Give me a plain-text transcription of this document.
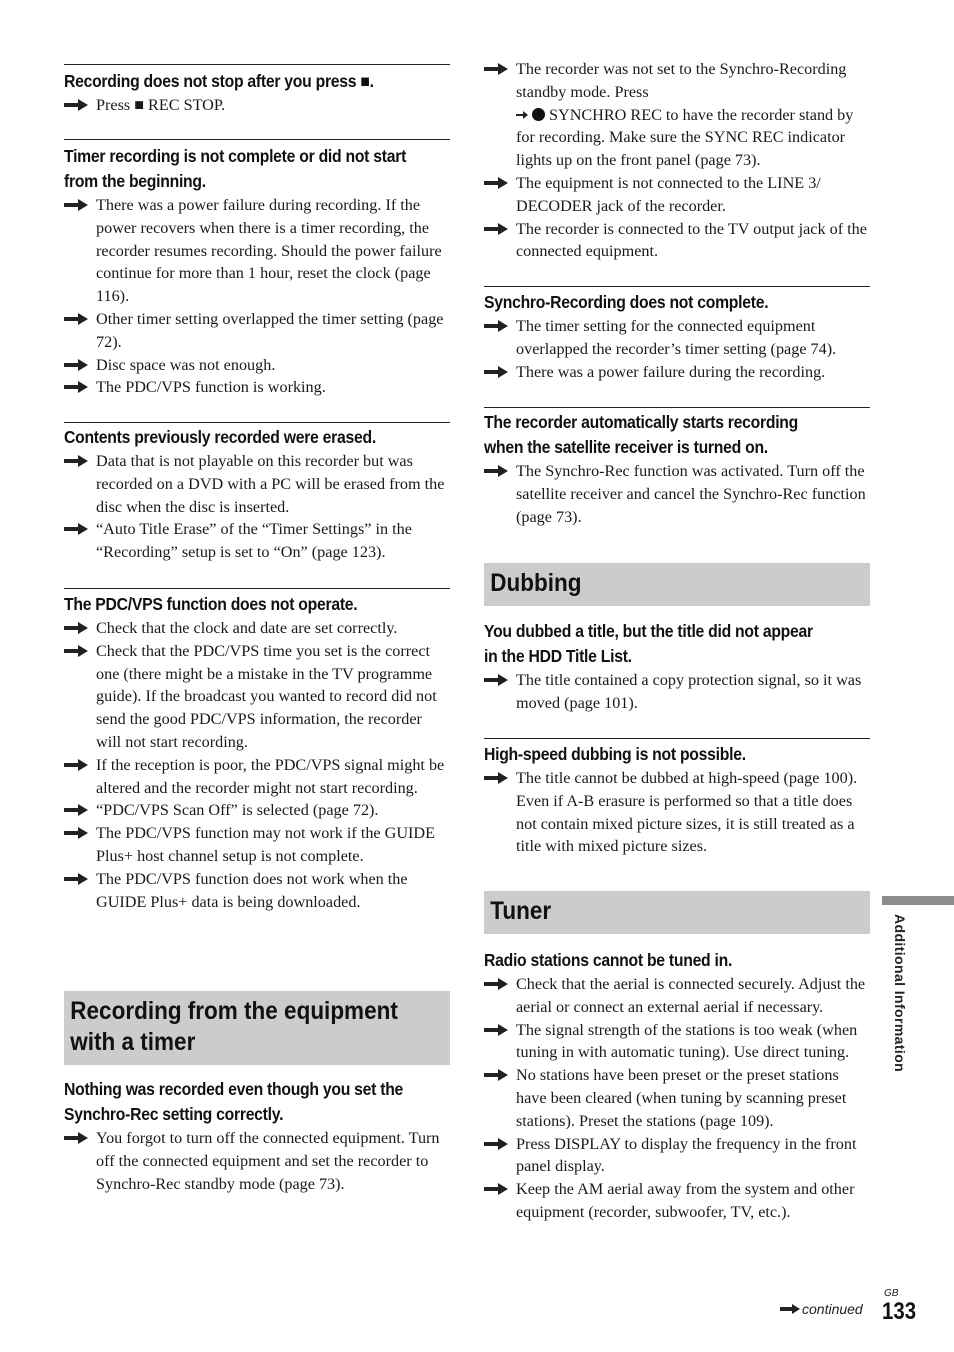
Recording does not stop after you press ■.
Press ■ REC STOP.
Timer recording is not complete or did not start
from the beginning.
There was a power failure during recording. If the power recovers when there is a timer recording, the recorder resumes recording. Should the power failure continue for more than 1 hour, reset the clock (page 116).
Other timer setting overlapped the timer setting (page 72).
Disc space was not enough.
The PDC/VPS function is working.
Contents previously recorded were erased.
Data that is not playable on this recorder but was recorded on a DVD with a PC will be erased from the disc when the disc is inserted.
“Auto Title Erase” of the “Timer Settings” in the “Recording” setup is set to “On” (page 123).
The PDC/VPS function does not operate.
Check that the clock and date are set correctly.
Check that the PDC/VPS time you set is the correct one (there might be a mistake in the TV programme guide). If the broadcast you wanted to record did not send the good PDC/VPS information, the recorder will not start recording.
If the reception is poor, the PDC/VPS signal might be altered and the recorder might not start recording.
“PDC/VPS Scan Off” is selected (page 72).
The PDC/VPS function may not work if the GUIDE Plus+ host channel setup is not complete.
The PDC/VPS function does not work when the GUIDE Plus+ data is being downloaded.
Recording from the equipment
with a timer
Nothing was recorded even though you set the
Synchro-Rec setting correctly.
You forgot to turn off the connected equipment. Turn off the connected equipment and set the recorder to Synchro-Rec standby mode (page 73).
The recorder was not set to the Synchro-Recording standby mode. Press
SYNCHRO REC to have the recorder stand by for recording. Make sure the SYNC REC indicator lights up on the front panel (page 73).
The equipment is not connected to the LINE 3/ DECODER jack of the recorder.
The recorder is connected to the TV output jack of the connected equipment.
Synchro-Recording does not complete.
The timer setting for the connected equipment overlapped the recorder’s timer setting (page 74).
There was a power failure during the recording.
The recorder automatically starts recording
when the satellite receiver is turned on.
The Synchro-Rec function was activated. Turn off the satellite receiver and cancel the Synchro-Rec function (page 73).
Dubbing
You dubbed a title, but the title did not appear
in the HDD Title List.
The title contained a copy protection signal, so it was moved (page 101).
High-speed dubbing is not possible.
The title cannot be dubbed at high-speed (page 100). Even if A-B erasure is performed so that a title does not contain mixed picture sizes, it is still treated as a title with mixed picture sizes.
Tuner
Radio stations cannot be tuned in.
Check that the aerial is connected securely. Adjust the aerial or connect an external aerial if necessary.
The signal strength of the stations is too weak (when tuning in with automatic tuning). Use direct tuning.
No stations have been preset or the preset stations have been cleared (when tuning by scanning preset stations). Preset the stations (page 109).
Press DISPLAY to display the frequency in the front panel display.
Keep the AM aerial away from the system and other equipment (recorder, subwoofer, TV, etc.).
Additional Information
continued
GB
133
